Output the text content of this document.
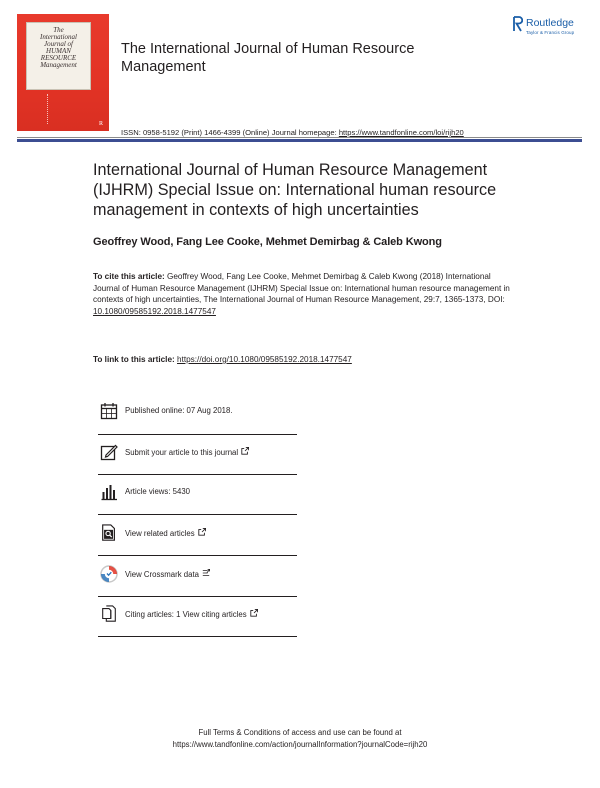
The
International
Journal of
HUMAN
RESOURCE
Management
R
The International Journal of Human Resource Management
Routledge
Taylor & Francis Group
ISSN: 0958-5192 (Print) 1466-4399 (Online) Journal homepage: https://www.tandfonline.com/loi/rijh20
International Journal of Human Resource Management (IJHRM) Special Issue on: International human resource management in contexts of high uncertainties
Geoffrey Wood, Fang Lee Cooke, Mehmet Demirbag & Caleb Kwong
To cite this article: Geoffrey Wood, Fang Lee Cooke, Mehmet Demirbag & Caleb Kwong (2018) International Journal of Human Resource Management (IJHRM) Special Issue on: International human resource management in contexts of high uncertainties, The International Journal of Human Resource Management, 29:7, 1365-1373, DOI: 10.1080/09585192.2018.1477547
To link to this article: https://doi.org/10.1080/09585192.2018.1477547
Published online: 07 Aug 2018.
Submit your article to this journal
Article views: 5430
View related articles
View Crossmark data
Citing articles: 1 View citing articles
Full Terms & Conditions of access and use can be found at
https://www.tandfonline.com/action/journalInformation?journalCode=rijh20
